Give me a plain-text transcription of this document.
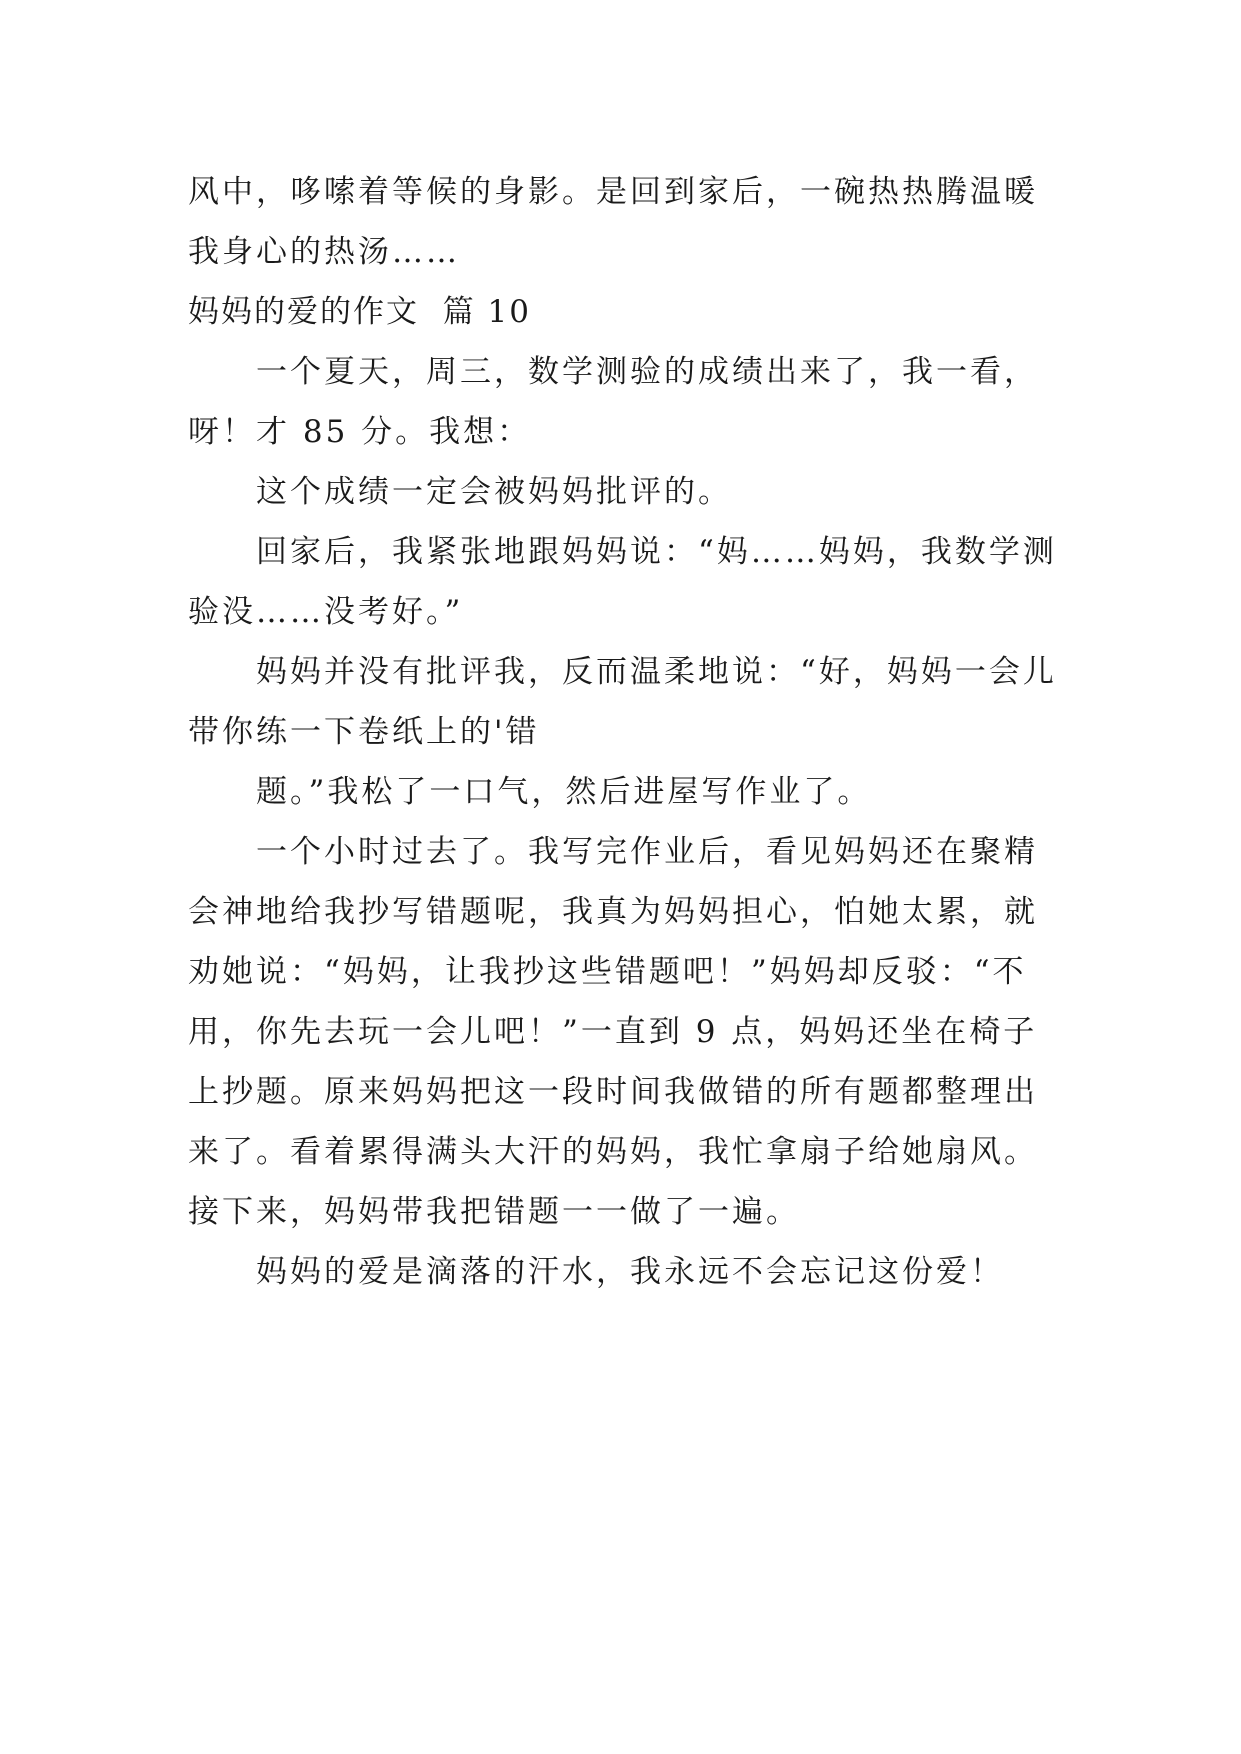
风中，哆嗦着等候的身影。是回到家后，一碗热热腾温暖我身心的热汤……

妈妈的爱的作文  篇 10

一个夏天，周三，数学测验的成绩出来了，我一看，呀！才 85 分。我想：

这个成绩一定会被妈妈批评的。

回家后，我紧张地跟妈妈说：“妈……妈妈，我数学测验没……没考好。”

妈妈并没有批评我，反而温柔地说：“好，妈妈一会儿带你练一下卷纸上的'错

题。”我松了一口气，然后进屋写作业了。

一个小时过去了。我写完作业后，看见妈妈还在聚精会神地给我抄写错题呢，我真为妈妈担心，怕她太累，就劝她说：“妈妈，让我抄这些错题吧！”妈妈却反驳：“不用，你先去玩一会儿吧！”一直到 9 点，妈妈还坐在椅子上抄题。原来妈妈把这一段时间我做错的所有题都整理出来了。看着累得满头大汗的妈妈，我忙拿扇子给她扇风。接下来，妈妈带我把错题一一做了一遍。

妈妈的爱是滴落的汗水，我永远不会忘记这份爱！
